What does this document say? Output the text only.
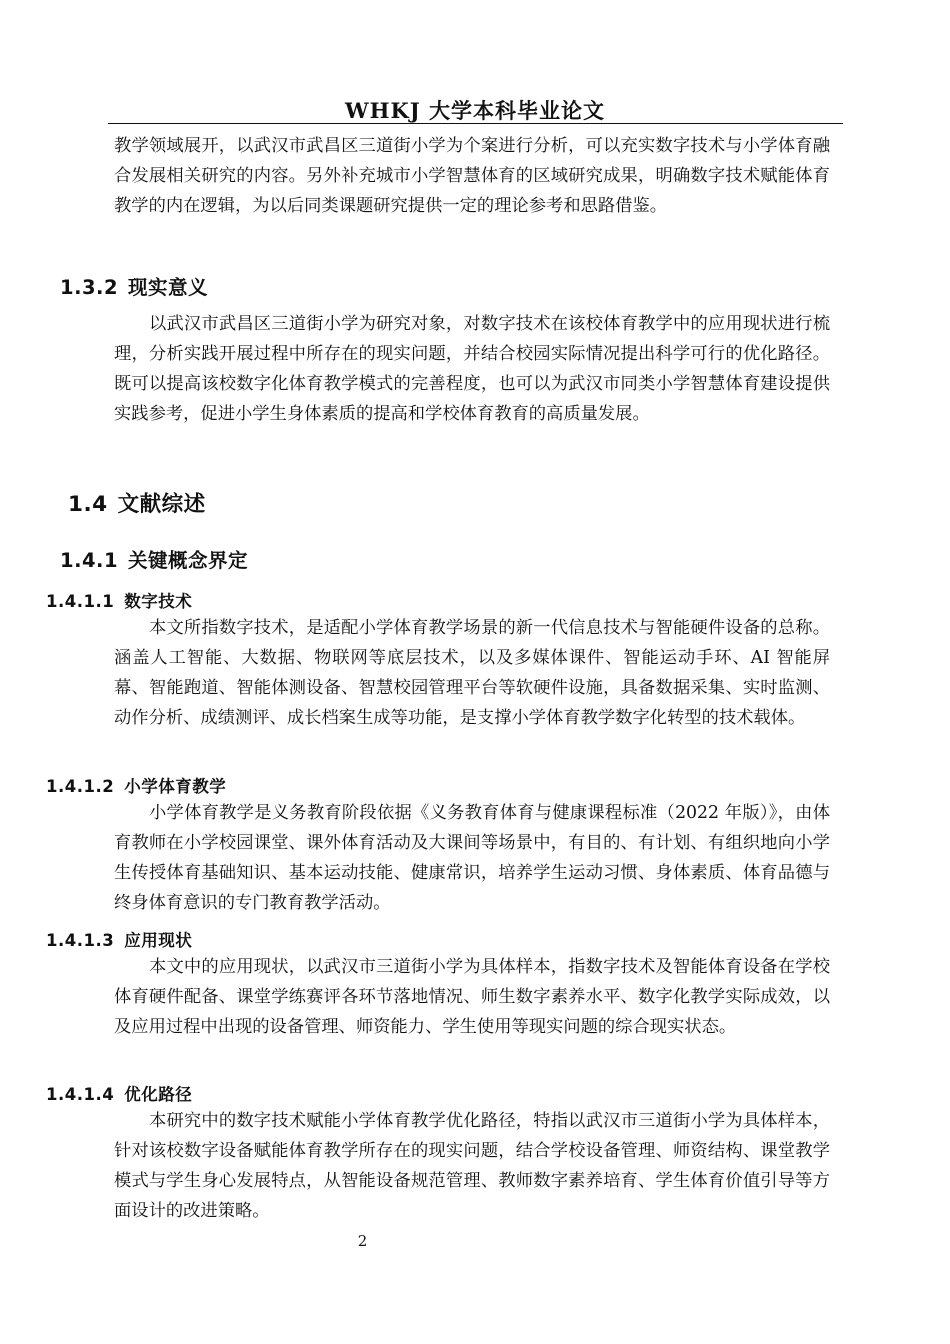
WHKJ 大学本科毕业论文

教学领域展开，以武汉市武昌区三道街小学为个案进行分析，可以充实数字技术与小学体育融合发展相关研究的内容。另外补充城市小学智慧体育的区域研究成果，明确数字技术赋能体育教学的内在逻辑，为以后同类课题研究提供一定的理论参考和思路借鉴。

1.3.2 现实意义

以武汉市武昌区三道街小学为研究对象，对数字技术在该校体育教学中的应用现状进行梳理，分析实践开展过程中所存在的现实问题，并结合校园实际情况提出科学可行的优化路径。既可以提高该校数字化体育教学模式的完善程度，也可以为武汉市同类小学智慧体育建设提供实践参考，促进小学生身体素质的提高和学校体育教育的高质量发展。

1.4 文献综述
1.4.1 关键概念界定
1.4.1.1 数字技术

本文所指数字技术，是适配小学体育教学场景的新一代信息技术与智能硬件设备的总称。涵盖人工智能、大数据、物联网等底层技术，以及多媒体课件、智能运动手环、AI 智能屏幕、智能跑道、智能体测设备、智慧校园管理平台等软硬件设施，具备数据采集、实时监测、动作分析、成绩测评、成长档案生成等功能，是支撑小学体育教学数字化转型的技术载体。

1.4.1.2 小学体育教学

小学体育教学是义务教育阶段依据《义务教育体育与健康课程标准（2022 年版）》，由体育教师在小学校园课堂、课外体育活动及大课间等场景中，有目的、有计划、有组织地向小学生传授体育基础知识、基本运动技能、健康常识，培养学生运动习惯、身体素质、体育品德与终身体育意识的专门教育教学活动。

1.4.1.3 应用现状

本文中的应用现状，以武汉市三道街小学为具体样本，指数字技术及智能体育设备在学校体育硬件配备、课堂学练赛评各环节落地情况、师生数字素养水平、数字化教学实际成效，以及应用过程中出现的设备管理、师资能力、学生使用等现实问题的综合现实状态。

1.4.1.4 优化路径

本研究中的数字技术赋能小学体育教学优化路径，特指以武汉市三道街小学为具体样本，针对该校数字设备赋能体育教学所存在的现实问题，结合学校设备管理、师资结构、课堂教学模式与学生身心发展特点，从智能设备规范管理、教师数字素养培育、学生体育价值引导等方面设计的改进策略。

2
